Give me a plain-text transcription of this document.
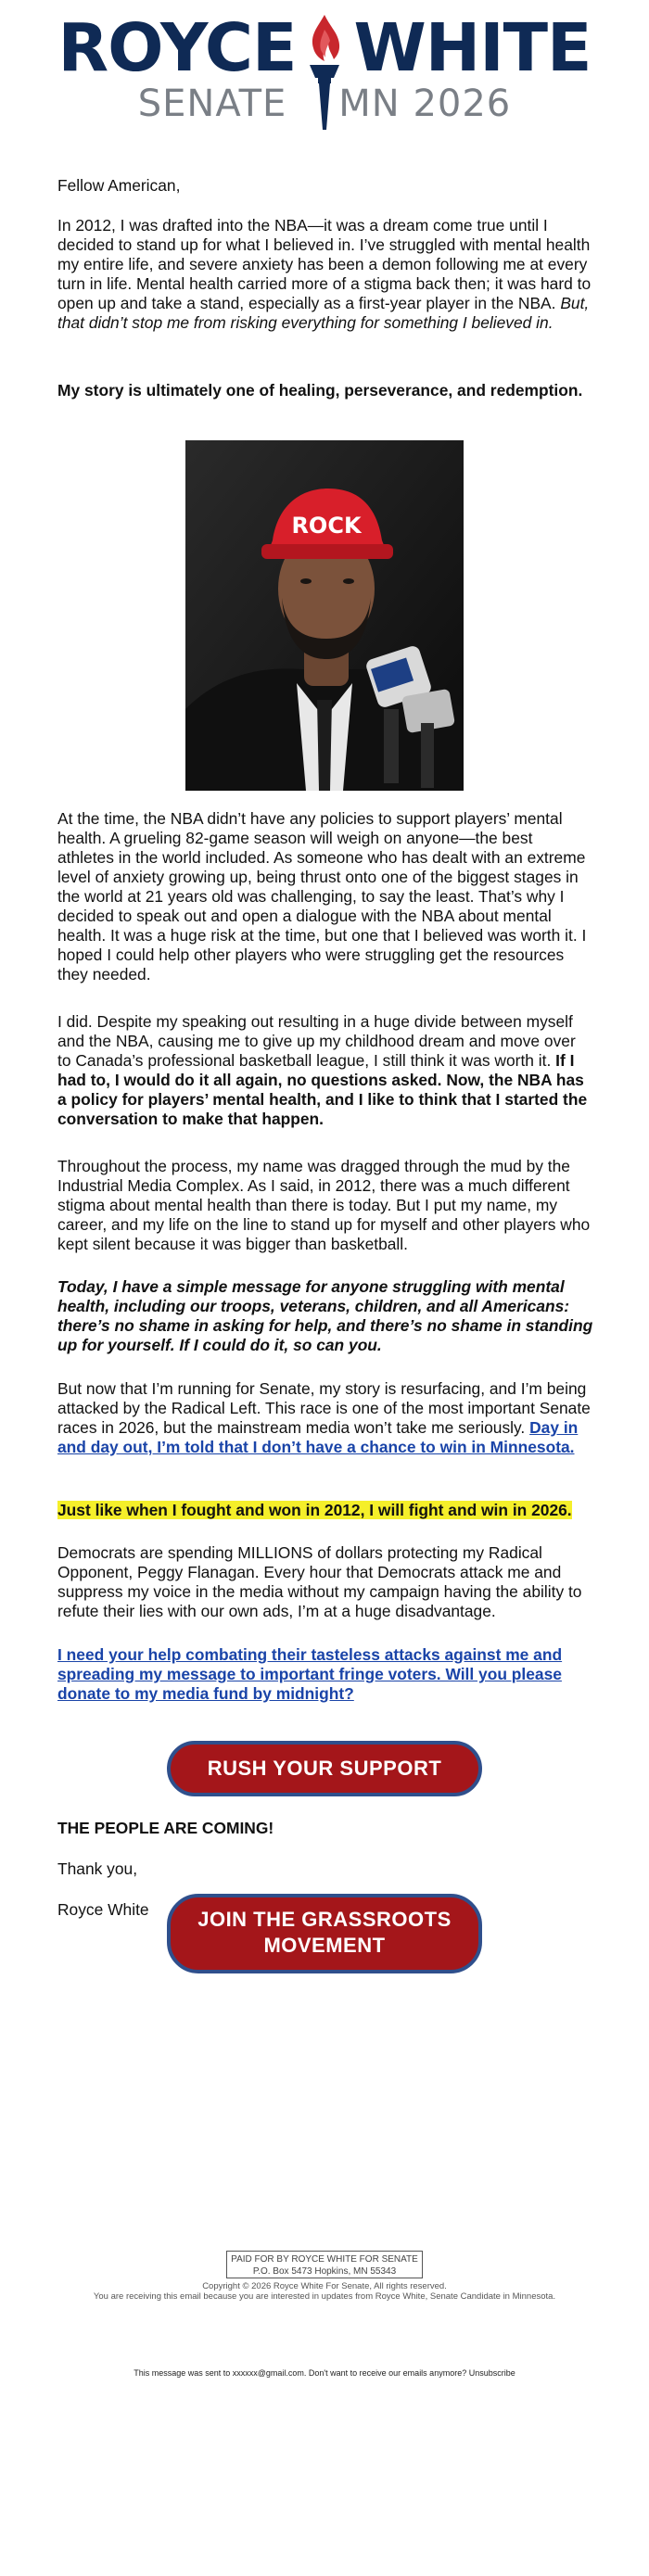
ROYCE WHITE
SENATE MN 2026

Fellow American,

In 2012, I was drafted into the NBA—it was a dream come true until I decided to stand up for what I believed in. I’ve struggled with mental health my entire life, and severe anxiety has been a demon following me at every turn in life. Mental health carried more of a stigma back then; it was hard to open up and take a stand, especially as a first-year player in the NBA. But, that didn’t stop me from risking everything for something I believed in.

My story is ultimately one of healing, perseverance, and redemption.

ROCK

At the time, the NBA didn’t have any policies to support players’ mental health. A grueling 82-game season will weigh on anyone—the best athletes in the world included. As someone who has dealt with an extreme level of anxiety growing up, being thrust onto one of the biggest stages in the world at 21 years old was challenging, to say the least. That’s why I decided to speak out and open a dialogue with the NBA about mental health. It was a huge risk at the time, but one that I believed was worth it. I hoped I could help other players who were struggling get the resources they needed.

I did. Despite my speaking out resulting in a huge divide between myself and the NBA, causing me to give up my childhood dream and move over to Canada’s professional basketball league, I still think it was worth it. If I had to, I would do it all again, no questions asked. Now, the NBA has a policy for players’ mental health, and I like to think that I started the conversation to make that happen.

Throughout the process, my name was dragged through the mud by the Industrial Media Complex. As I said, in 2012, there was a much different stigma about mental health than there is today. But I put my name, my career, and my life on the line to stand up for myself and other players who kept silent because it was bigger than basketball.

Today, I have a simple message for anyone struggling with mental health, including our troops, veterans, children, and all Americans: there’s no shame in asking for help, and there’s no shame in standing up for yourself. If I could do it, so can you.

But now that I’m running for Senate, my story is resurfacing, and I’m being attacked by the Radical Left. This race is one of the most important Senate races in 2026, but the mainstream media won’t take me seriously. Day in and day out, I’m told that I don’t have a chance to win in Minnesota.

Just like when I fought and won in 2012, I will fight and win in 2026.

Democrats are spending MILLIONS of dollars protecting my Radical Opponent, Peggy Flanagan. Every hour that Democrats attack me and suppress my voice in the media without my campaign having the ability to refute their lies with our own ads, I’m at a huge disadvantage.

I need your help combating their tasteless attacks against me and spreading my message to important fringe voters. Will you please donate to my media fund by midnight?

RUSH YOUR SUPPORT

THE PEOPLE ARE COMING!

Thank you,

Royce White	JOIN THE GRASSROOTS MOVEMENT
PAID FOR BY ROYCE WHITE FOR SENATE
P.O. Box 5473 Hopkins, MN 55343
Copyright © 2026 Royce White For Senate, All rights reserved.
You are receiving this email because you are interested in updates from Royce White, Senate Candidate in Minnesota.
This message was sent to xxxxxx@gmail.com. Don't want to receive our emails anymore? Unsubscribe
